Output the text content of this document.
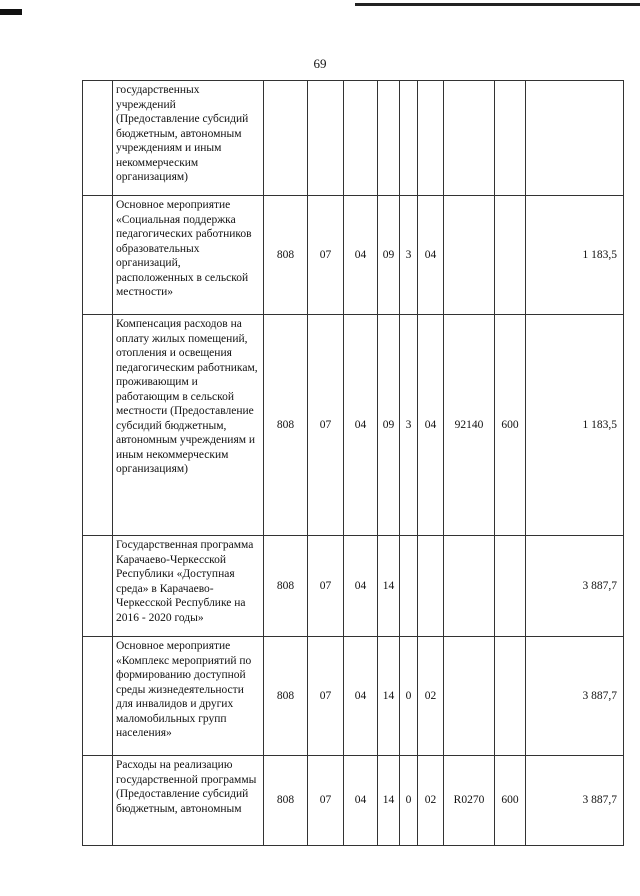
69
	государственных учреждений (Предоставление субсидий бюджетным, автономным учреждениям и иным некоммерческим организациям)									
	Основное мероприятие «Социальная поддержка педагогических работников образовательных организаций, расположенных в сельской местности»	808	07	04	09	3	04			1 183,5
	Компенсация расходов на оплату жилых помещений, отопления и освещения педагогическим работникам, проживающим и работающим в сельской местности (Предоставление субсидий бюджетным, автономным учреждениям и иным некоммерческим организациям)	808	07	04	09	3	04	92140	600	1 183,5
	Государственная программа Карачаево-Черкесской Республики «Доступная среда» в Карачаево-Черкесской Республике на 2016 - 2020 годы»	808	07	04	14					3 887,7
	Основное мероприятие «Комплекс мероприятий по формированию доступной среды жизнедеятельности для инвалидов и других маломобильных групп населения»	808	07	04	14	0	02			3 887,7
	Расходы на реализацию государственной программы (Предоставление субсидий бюджетным, автономным	808	07	04	14	0	02	R0270	600	3 887,7
